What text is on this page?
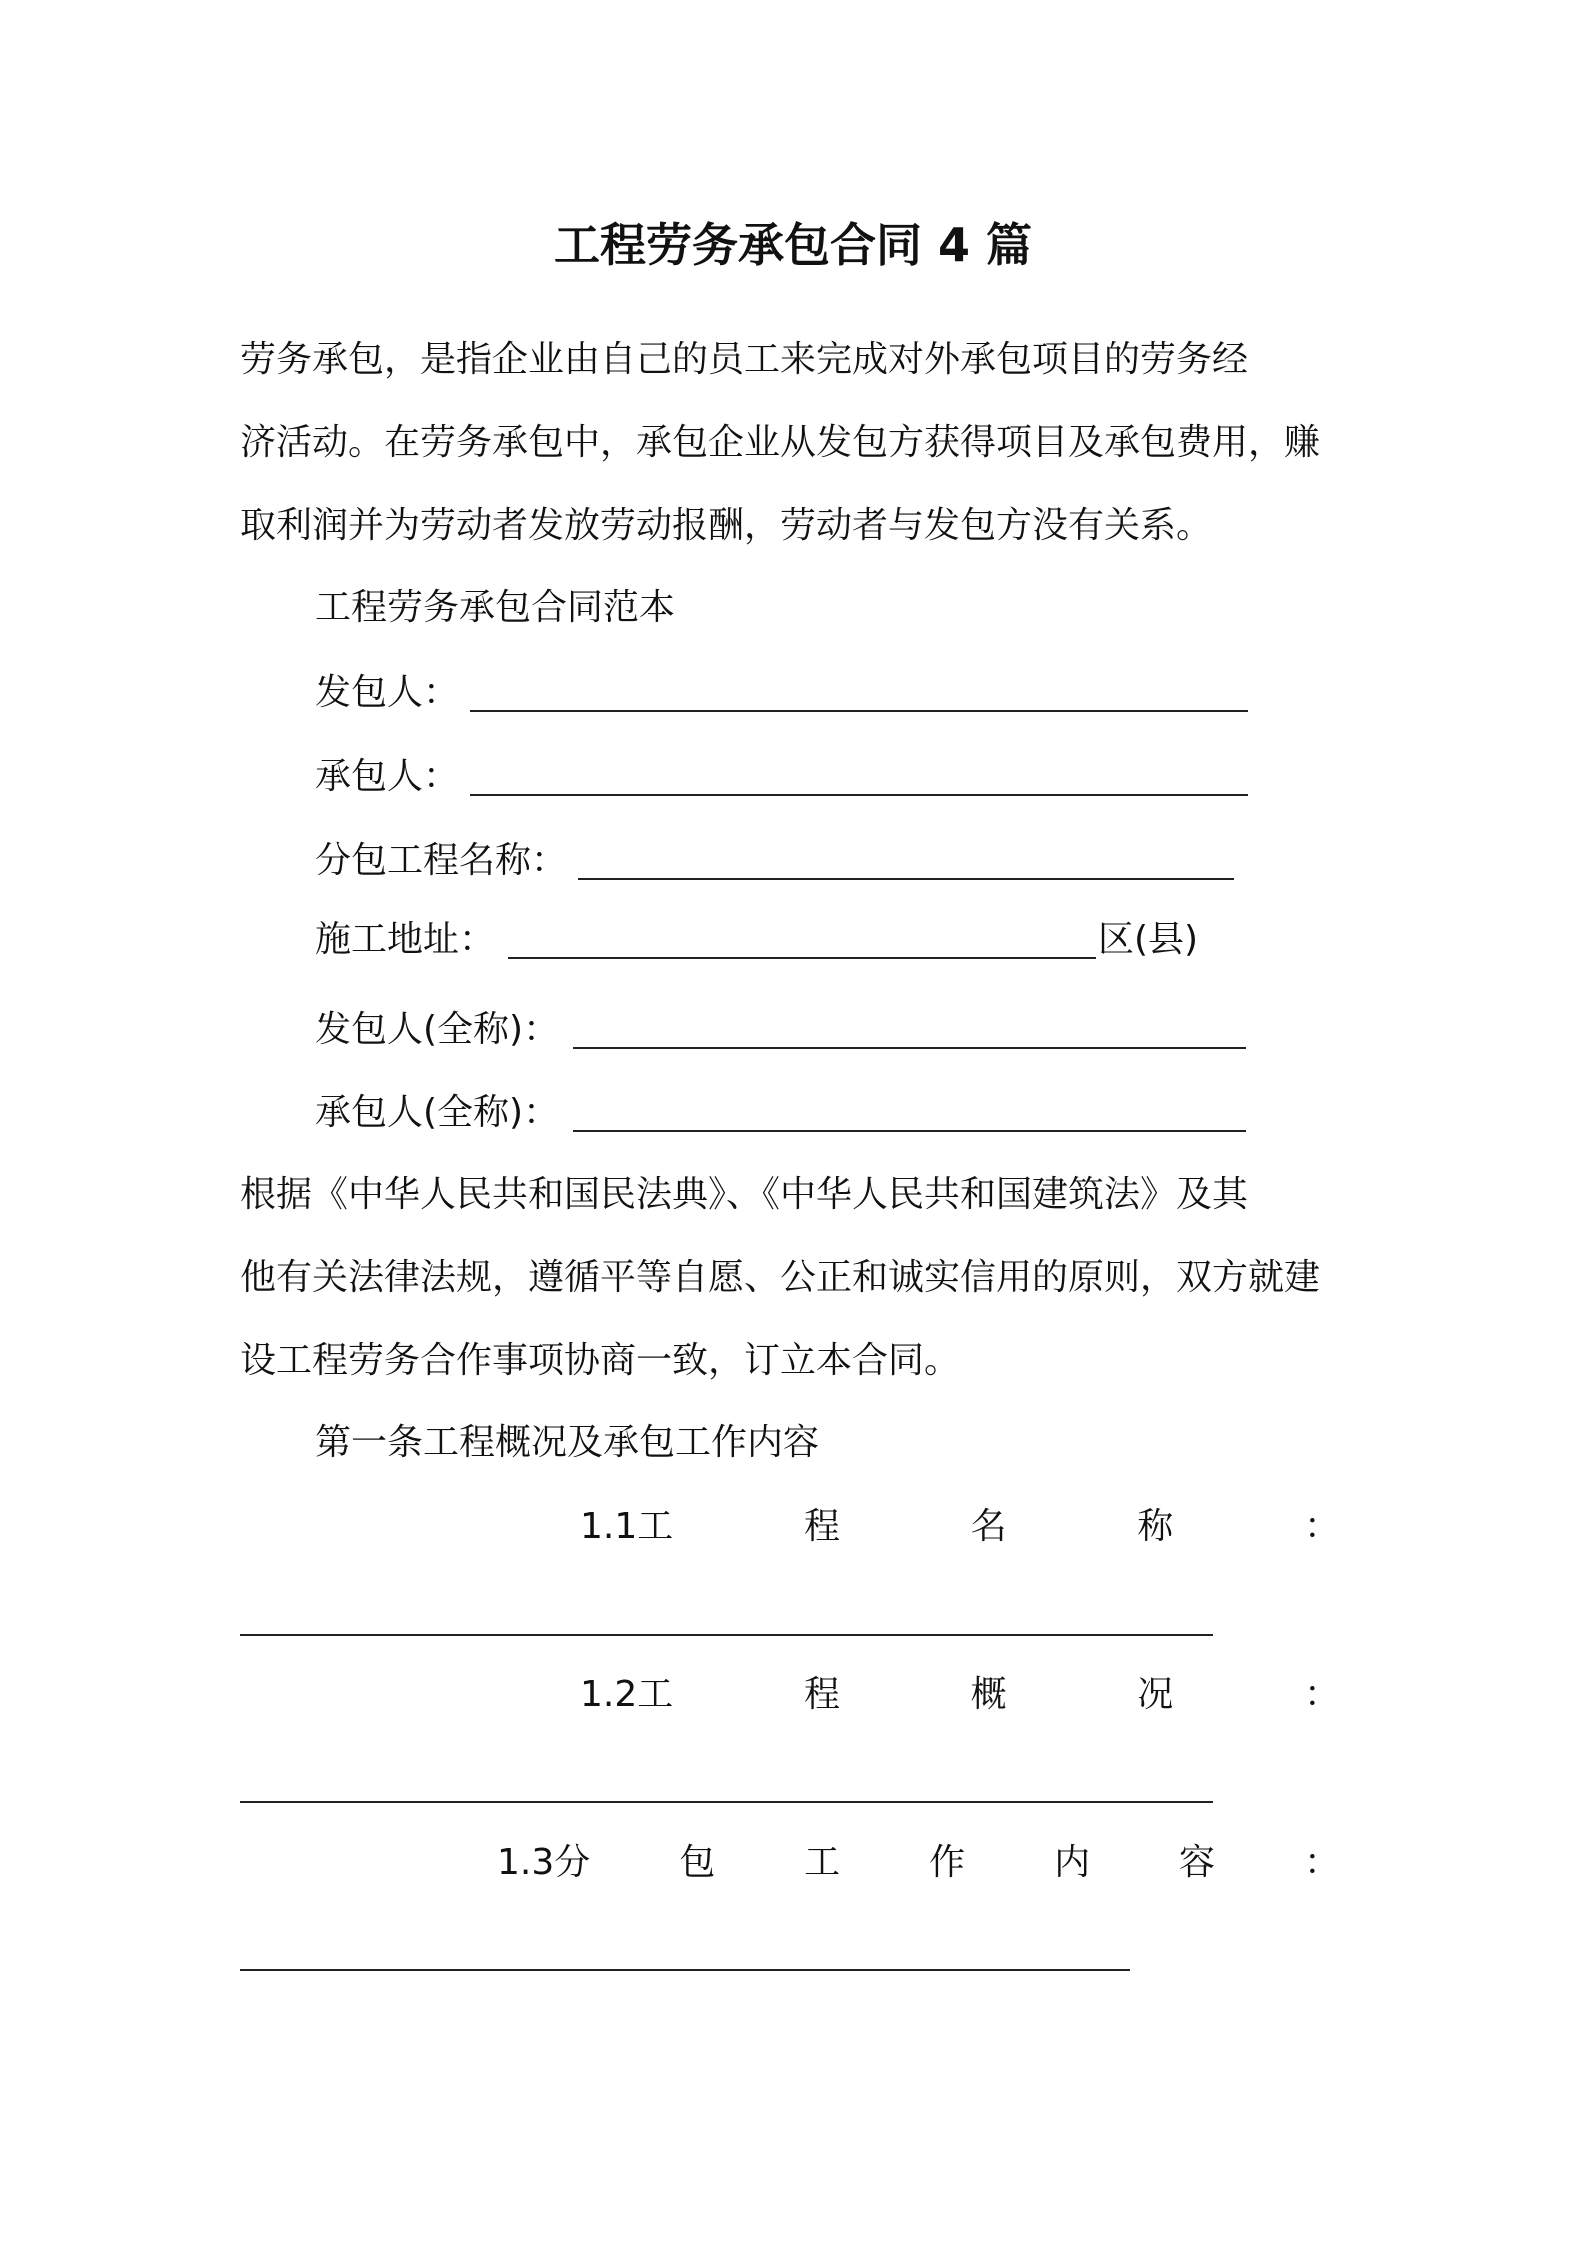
工程劳务承包合同 4 篇
劳务承包，是指企业由自己的员工来完成对外承包项目的劳务经
济活动。在劳务承包中，承包企业从发包方获得项目及承包费用，赚
取利润并为劳动者发放劳动报酬，劳动者与发包方没有关系。
工程劳务承包合同范本
发包人：
承包人：
分包工程名称：
施工地址：	区(县)
发包人(全称)：
承包人(全称)：
根据《中华人民共和国民法典》、《中华人民共和国建筑法》及其
他有关法律法规，遵循平等自愿、公正和诚实信用的原则，双方就建
设工程劳务合作事项协商一致，订立本合同。
第一条工程概况及承包工作内容
1.1工	程	名	称	：
1.2工	程	概	况	：
1.3分 包 工 作 内 容 ：
